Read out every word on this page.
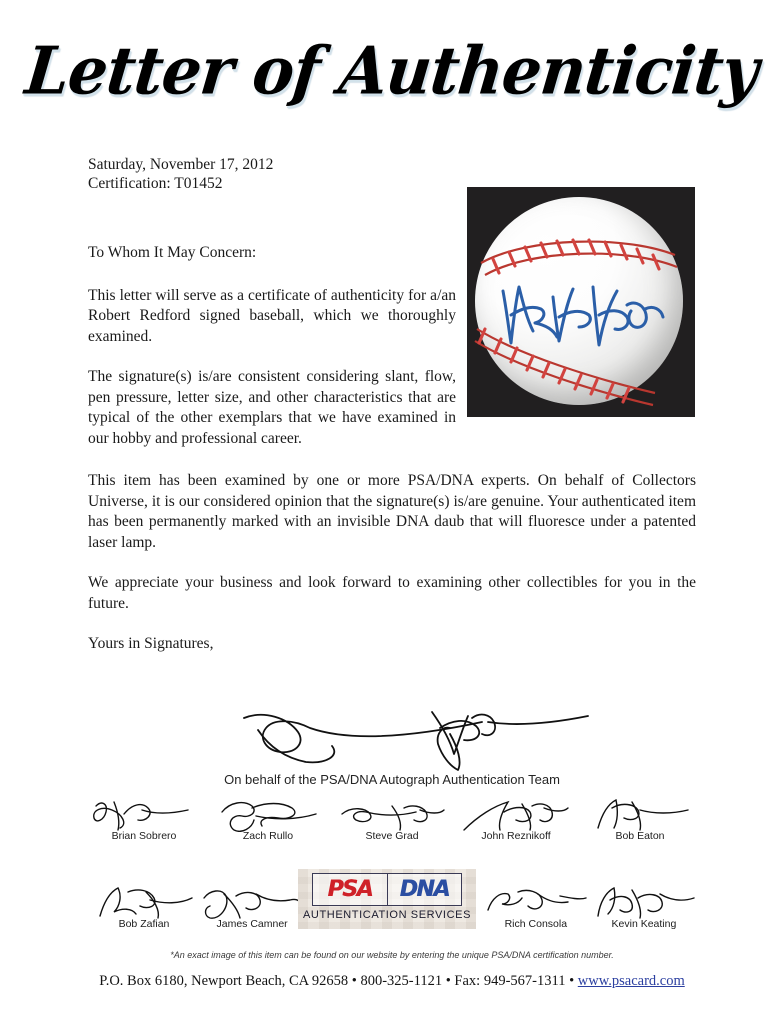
Letter of Authenticity
Saturday, November 17, 2012
Certification: T01452

To Whom It May Concern:

This letter will serve as a certificate of authenticity for a/an Robert Redford signed baseball, which we thoroughly examined.

The signature(s) is/are consistent considering slant, flow, pen pressure, letter size, and other characteristics that are typical of the other exemplars that we have examined in our hobby and professional career.

This item has been examined by one or more PSA/DNA experts. On behalf of Collectors Universe, it is our considered opinion that the signature(s) is/are genuine. Your authenticated item has been permanently marked with an invisible DNA daub that will fluoresce under a patented laser lamp.

We appreciate your business and look forward to examining other collectibles for you in the future.

Yours in Signatures,

On behalf of the PSA/DNA Autograph Authentication Team
Brian Sobrero	Zach Rullo	Steve Grad	John Reznikoff	Bob Eaton
Bob Zafian	James Camner	Rich Consola	Kevin Keating
PSA	DNA
AUTHENTICATION SERVICES
*An exact image of this item can be found on our website by entering the unique PSA/DNA certification number.
P.O. Box 6180, Newport Beach, CA 92658 • 800-325-1121 • Fax: 949-567-1311 • www.psacard.com
